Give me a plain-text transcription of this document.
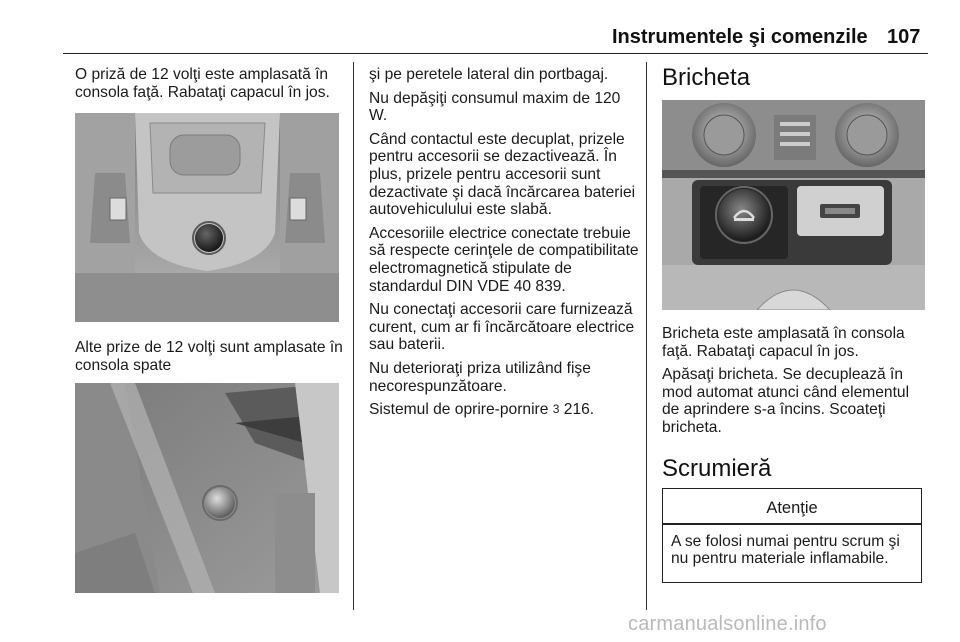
Instrumentele şi comenzile 107

O priză de 12 volţi este amplasată în consola faţă. Rabataţi capacul în jos.

Alte prize de 12 volţi sunt amplasate în consola spate

şi pe peretele lateral din portbagaj.

Nu depăşiţi consumul maxim de 120 W.

Când contactul este decuplat, prizele pentru accesorii se dezactivează. În plus, prizele pentru accesorii sunt dezactivate şi dacă încărcarea bateriei autovehiculului este slabă.

Accesoriile electrice conectate trebuie să respecte cerinţele de compatibilitate electromagnetică stipulate de standardul DIN VDE 40 839.

Nu conectaţi accesorii care furnizează curent, cum ar fi încărcătoare electrice sau baterii.

Nu deterioraţi priza utilizând fişe necorespunzătoare.

Sistemul de oprire-pornire 3 216.

Bricheta

Bricheta este amplasată în consola faţă. Rabataţi capacul în jos.

Apăsaţi bricheta. Se decuplează în mod automat atunci când elementul de aprindere s-a încins. Scoateţi bricheta.

Scrumieră
Atenţie
A se folosi numai pentru scrum şi nu pentru materiale inflamabile.
carmanualsonline.info
